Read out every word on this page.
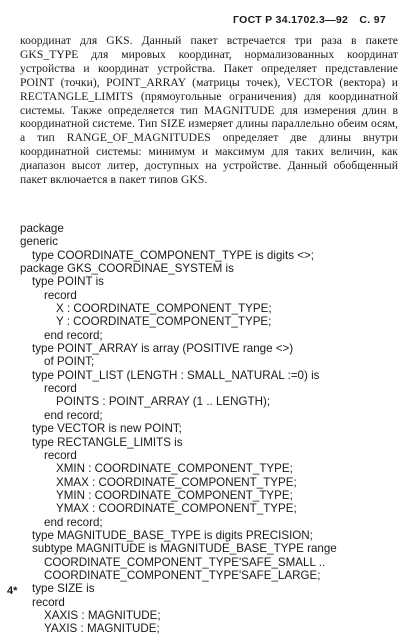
ГОСТ Р 34.1702.3—92 С. 97
координат для GKS. Данный пакет встречается три раза в пакете GKS_TYPE для мировых координат, нормализованных координат устройства и координат устройства. Пакет определяет представление POINT (точки), POINT_ARRAY (матрицы точек), VECTOR (вектора) и RECTANGLE_LIMITS (прямоугольные ограничения) для координатной системы. Также определяется тип MAGNITUDE для измерения длин в координатной системе. Тип SIZE измеряет длины параллельно обеим осям, а тип RANGE_OF_MAGNITUDES определяет две длины внутри координатной системы: минимум и максимум для таких величин, как диапазон высот литер, доступных на устройстве. Данный обобщенный пакет включается в пакет типов GKS.
package
generic
type COORDINATE_COMPONENT_TYPE is digits <>;
package GKS_COORDINAE_SYSTEM is
type POINT is
record
X : COORDINATE_COMPONENT_TYPE;
Y : COORDINATE_COMPONENT_TYPE;
end record;
type POINT_ARRAY is array (POSITIVE range <>)
of POINT;
type POINT_LIST (LENGTH : SMALL_NATURAL :=0) is
record
POINTS : POINT_ARRAY (1 .. LENGTH);
end record;
type VECTOR is new POINT;
type RECTANGLE_LIMITS is
record
XMIN : COORDINATE_COMPONENT_TYPE;
XMAX : COORDINATE_COMPONENT_TYPE;
YMIN : COORDINATE_COMPONENT_TYPE;
YMAX : COORDINATE_COMPONENT_TYPE;
end record;
type MAGNITUDE_BASE_TYPE is digits PRECISION;
subtype MAGNITUDE is MAGNITUDE_BASE_TYPE range
COORDINATE_COMPONENT_TYPE'SAFE_SMALL ..
COORDINATE_COMPONENT_TYPE'SAFE_LARGE;
type SIZE is
record
XAXIS : MAGNITUDE;
YAXIS : MAGNITUDE;
4*
